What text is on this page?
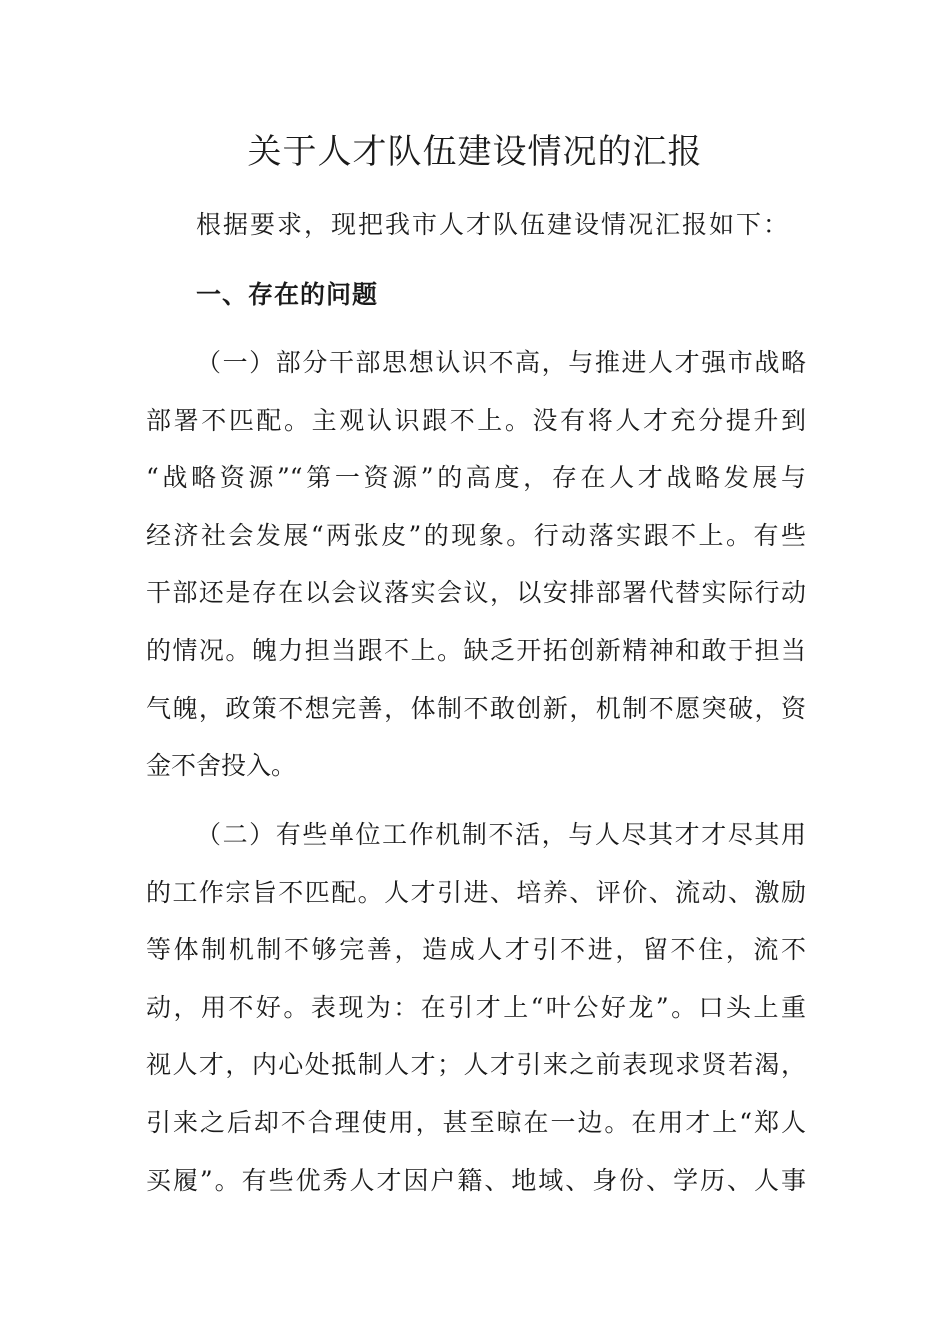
关于人才队伍建设情况的汇报

根据要求，现把我市人才队伍建设情况汇报如下：

一、存在的问题
（一）部分干部思想认识不高，与推进人才强市战略
部署不匹配。主观认识跟不上。没有将人才充分提升到
“战略资源”“第一资源”的高度，存在人才战略发展与
经济社会发展“两张皮”的现象。行动落实跟不上。有些
干部还是存在以会议落实会议，以安排部署代替实际行动
的情况。魄力担当跟不上。缺乏开拓创新精神和敢于担当
气魄，政策不想完善，体制不敢创新，机制不愿突破，资
金不舍投入。
（二）有些单位工作机制不活，与人尽其才才尽其用
的工作宗旨不匹配。人才引进、培养、评价、流动、激励
等体制机制不够完善，造成人才引不进，留不住，流不
动，用不好。表现为：在引才上“叶公好龙”。口头上重
视人才，内心处抵制人才；人才引来之前表现求贤若渴，
引来之后却不合理使用，甚至晾在一边。在用才上“郑人
买履”。有些优秀人才因户籍、地域、身份、学历、人事
